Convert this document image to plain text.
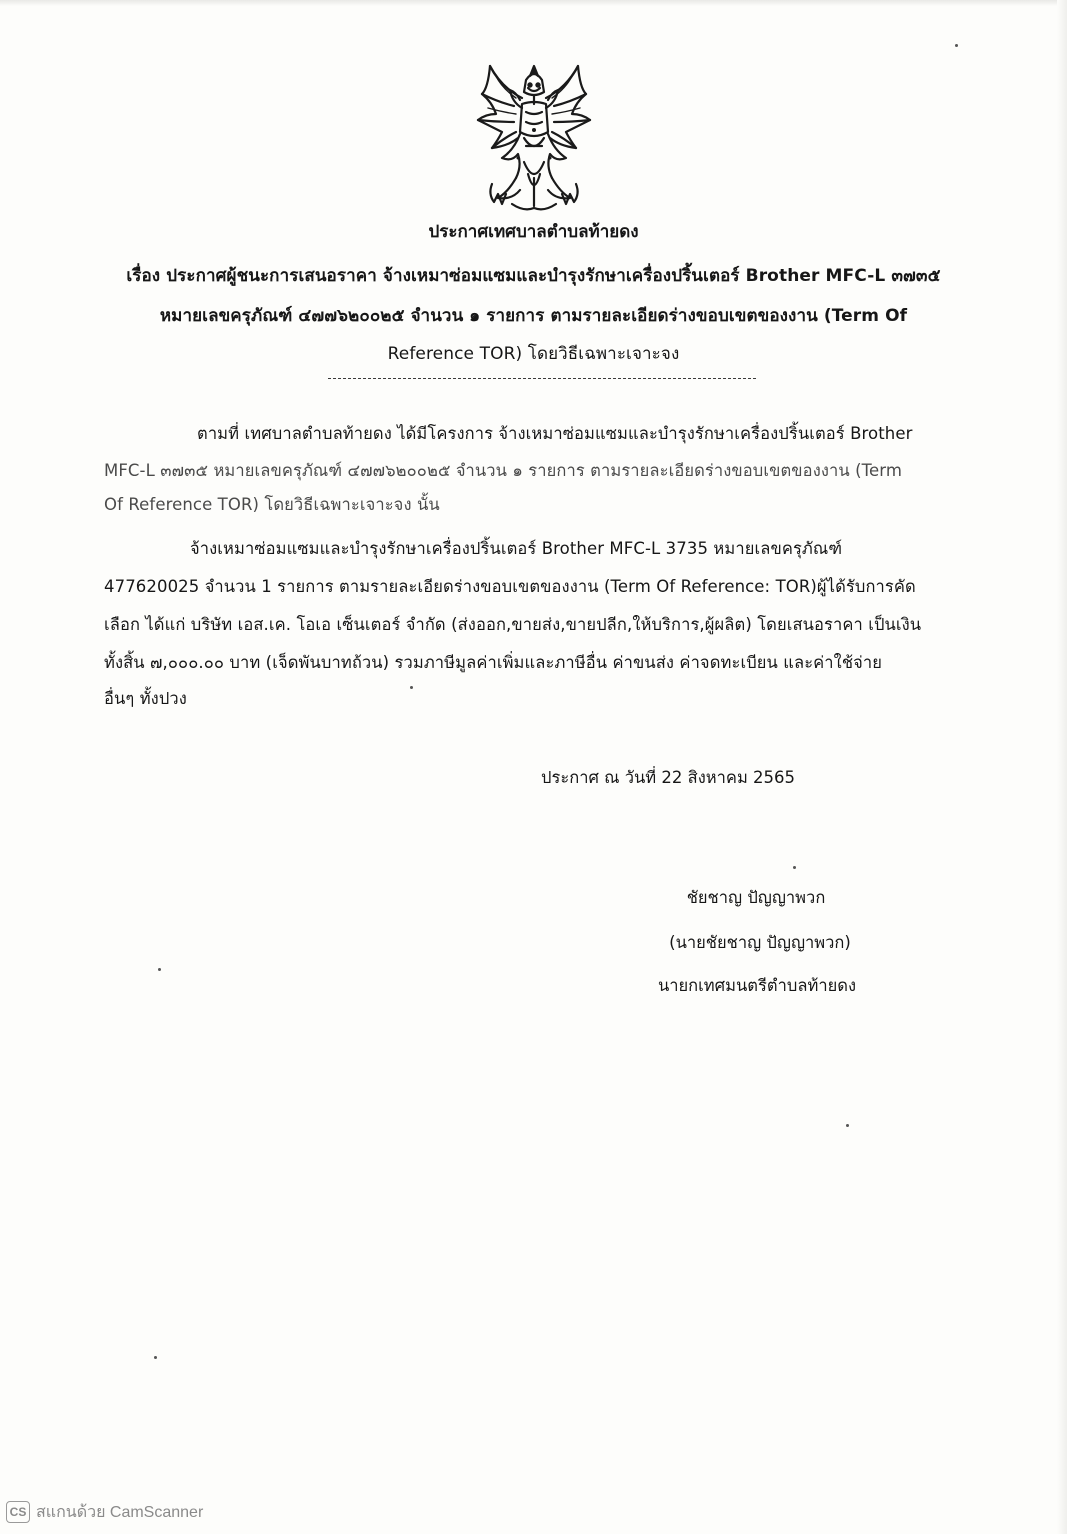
ประกาศเทศบาลตำบลท้ายดง
เรื่อง ประกาศผู้ชนะการเสนอราคา จ้างเหมาซ่อมแซมและบำรุงรักษาเครื่องปริ้นเตอร์ Brother MFC-L ๓๗๓๕
หมายเลขครุภัณฑ์ ๔๗๗๖๒๐๐๒๕ จำนวน ๑ รายการ ตามรายละเอียดร่างขอบเขตของงาน (Term Of
Reference TOR) โดยวิธีเฉพาะเจาะจง
ตามที่ เทศบาลตำบลท้ายดง ได้มีโครงการ จ้างเหมาซ่อมแซมและบำรุงรักษาเครื่องปริ้นเตอร์ Brother
MFC-L ๓๗๓๕ หมายเลขครุภัณฑ์ ๔๗๗๖๒๐๐๒๕ จำนวน ๑ รายการ ตามรายละเอียดร่างขอบเขตของงาน (Term
Of Reference TOR) โดยวิธีเฉพาะเจาะจง นั้น
จ้างเหมาซ่อมแซมและบำรุงรักษาเครื่องปริ้นเตอร์ Brother MFC-L 3735 หมายเลขครุภัณฑ์
477620025 จำนวน 1 รายการ ตามรายละเอียดร่างขอบเขตของงาน (Term Of Reference: TOR)ผู้ได้รับการคัด
เลือก ได้แก่ บริษัท เอส.เค. โอเอ เซ็นเตอร์ จำกัด (ส่งออก,ขายส่ง,ขายปลีก,ให้บริการ,ผู้ผลิต) โดยเสนอราคา เป็นเงิน
ทั้งสิ้น ๗,๐๐๐.๐๐ บาท (เจ็ดพันบาทถ้วน) รวมภาษีมูลค่าเพิ่มและภาษีอื่น ค่าขนส่ง ค่าจดทะเบียน และค่าใช้จ่าย
อื่นๆ ทั้งปวง
ประกาศ ณ วันที่ 22 สิงหาคม 2565
ชัยชาญ ปัญญาพวก
(นายชัยชาญ ปัญญาพวก)
นายกเทศมนตรีตำบลท้ายดง
CS สแกนด้วย CamScanner
